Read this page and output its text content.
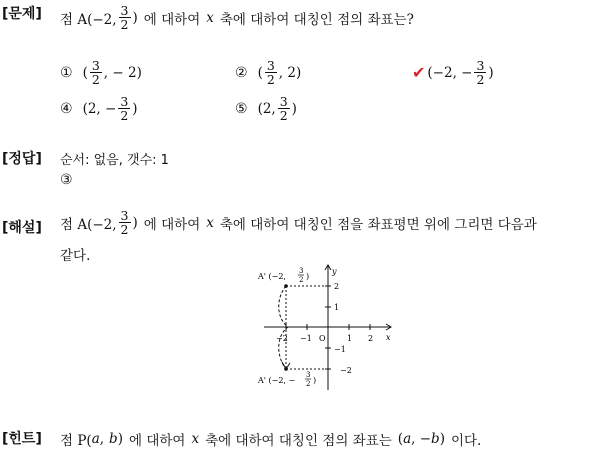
[문제] 점 A(−2, $\frac{3}{2}$ ) 에 대하여 x 축에 대하여 대칭인 점의 좌표는?
① ( $\frac{3}{2}$ , − 2)	② ( $\frac{3}{2}$ , 2)	✔ (−2, − $\frac{3}{2}$ )
④ (2, − $\frac{3}{2}$ )	⑤ (2, $\frac{3}{2}$ )
[정답] 순서: 없음, 갯수: 1
③
[해설] 점 A(−2, $\frac{3}{2}$ ) 에 대하여 x 축에 대하여 대칭인 점을 좌표평면 위에 그리면 다음과
같다.
x
y
−2 −1 O	1 2
2
1
−1
−2
A' (−2,
3
2 )
A' (−2, −
3
2 )
[힌트] 점 P( a , b ) 에 대하여 x 축에 대하여 대칭인 점의 좌표는 ( a , − b ) 이다.
